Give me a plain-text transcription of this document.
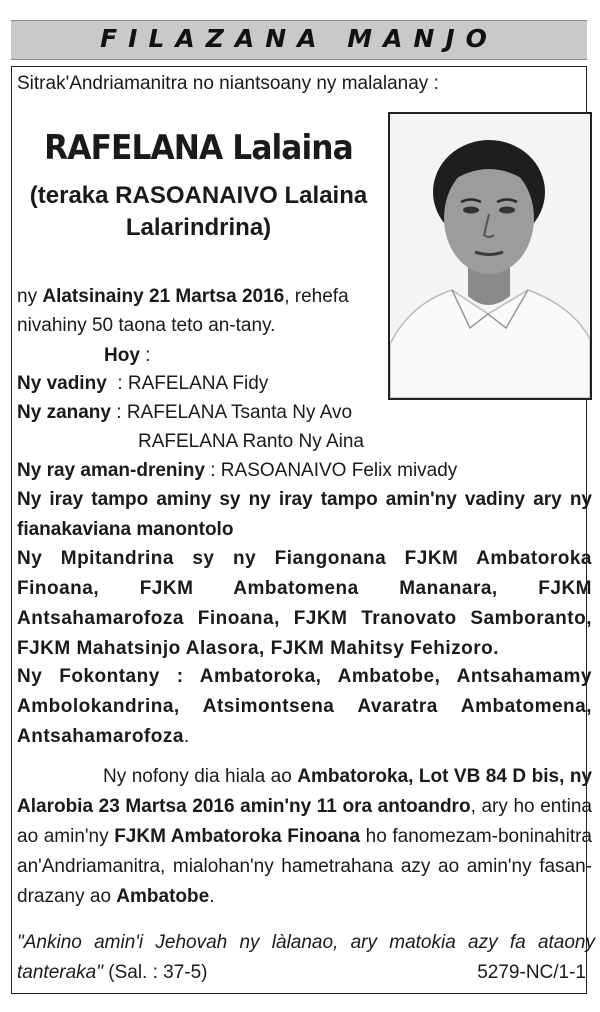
FILAZANA MANJO
Sitrak'Andriamanitra no niantsoany ny malalanay :
RAFELANA Lalaina
(teraka RASOANAIVO Lalaina
Lalarindrina)
ny Alatsinainy 21 Martsa 2016, rehefa
nivahiny 50 taona teto an-tany.
Hoy :
Ny vadiny  : RAFELANA Fidy
Ny zanany : RAFELANA Tsanta Ny Avo
RAFELANA Ranto Ny Aina
Ny ray aman-dreniny : RASOANAIVO Felix mivady
Ny iray tampo aminy sy ny iray tampo amin'ny vadiny ary ny fianakaviana manontolo
Ny Mpitandrina sy ny Fiangonana FJKM Ambatoroka Finoana, FJKM Ambatomena Mananara, FJKM Antsahamarofoza Finoana, FJKM Tranovato Samboranto, FJKM Mahatsinjo Alasora, FJKM Mahitsy Fehizoro.
Ny Fokontany : Ambatoroka, Ambatobe, Antsahamamy Ambolokandrina, Atsimontsena Avaratra Ambatomena, Antsahamarofoza.
Ny nofony dia hiala ao Ambatoroka, Lot VB 84 D bis, ny Alarobia 23 Martsa 2016 amin'ny 11 ora antoandro, ary ho entina ao amin'ny FJKM Ambatoroka Finoana ho fanomezam-boninahitra an'Andriamanitra, mialohan'ny hametrahana azy ao amin'ny fasan-drazany ao Ambatobe.
"Ankino amin'i Jehovah ny làlanao, ary matokia azy fa ataony tanteraka" (Sal. : 37-5)	5279-NC/1-1
